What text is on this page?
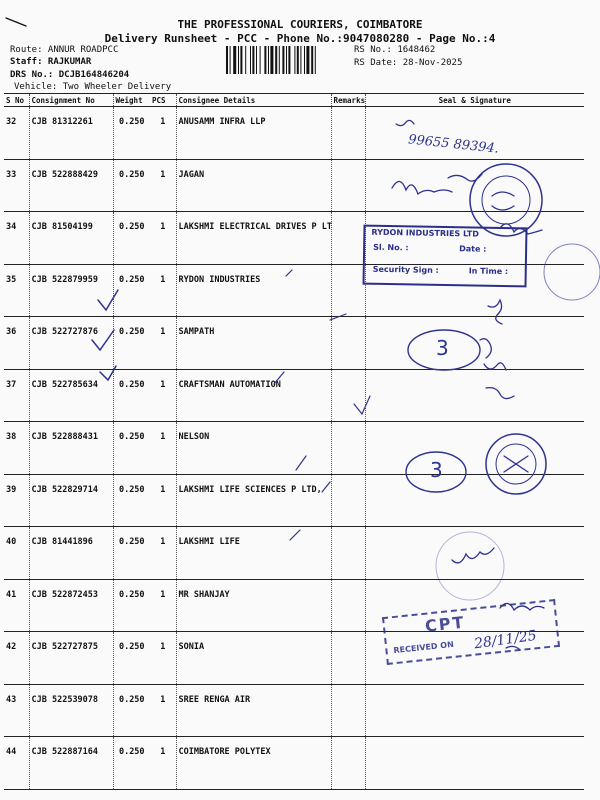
THE PROFESSIONAL COURIERS, COIMBATORE
Delivery Runsheet - PCC - Phone No.:9047080280 - Page No.:4
Route: ANNUR ROADPCC
Staff: RAJKUMAR
DRS No.: DCJB164846204
Vehicle: Two Wheeler Delivery
RS No.: 1648462
RS Date: 28-Nov-2025
S No	Consignment No	Weight	PCS	Consignee Details	Remarks	Seal & Signature
32	CJB 81312261	0.250	1	ANUSAMM INFRA LLP		
33	CJB 522888429	0.250	1	JAGAN		
34	CJB 81504199	0.250	1	LAKSHMI ELECTRICAL DRIVES P LT		
35	CJB 522879959	0.250	1	RYDON INDUSTRIES		
36	CJB 522727876	0.250	1	SAMPATH		
37	CJB 522785634	0.250	1	CRAFTSMAN AUTOMATION		
38	CJB 522888431	0.250	1	NELSON		
39	CJB 522829714	0.250	1	LAKSHMI LIFE SCIENCES P LTD,		
40	CJB 81441896	0.250	1	LAKSHMI LIFE		
41	CJB 522872453	0.250	1	MR SHANJAY		
42	CJB 522727875	0.250	1	SONIA		
43	CJB 522539078	0.250	1	SREE RENGA AIR		
44	CJB 522887164	0.250	1	COIMBATORE POLYTEX		
99655 89394.
RYDON INDUSTRIES LTD
Sl. No. :	Date :
Security Sign :	In Time :
3
3
CPT
RECEIVED ON 28/11/25
